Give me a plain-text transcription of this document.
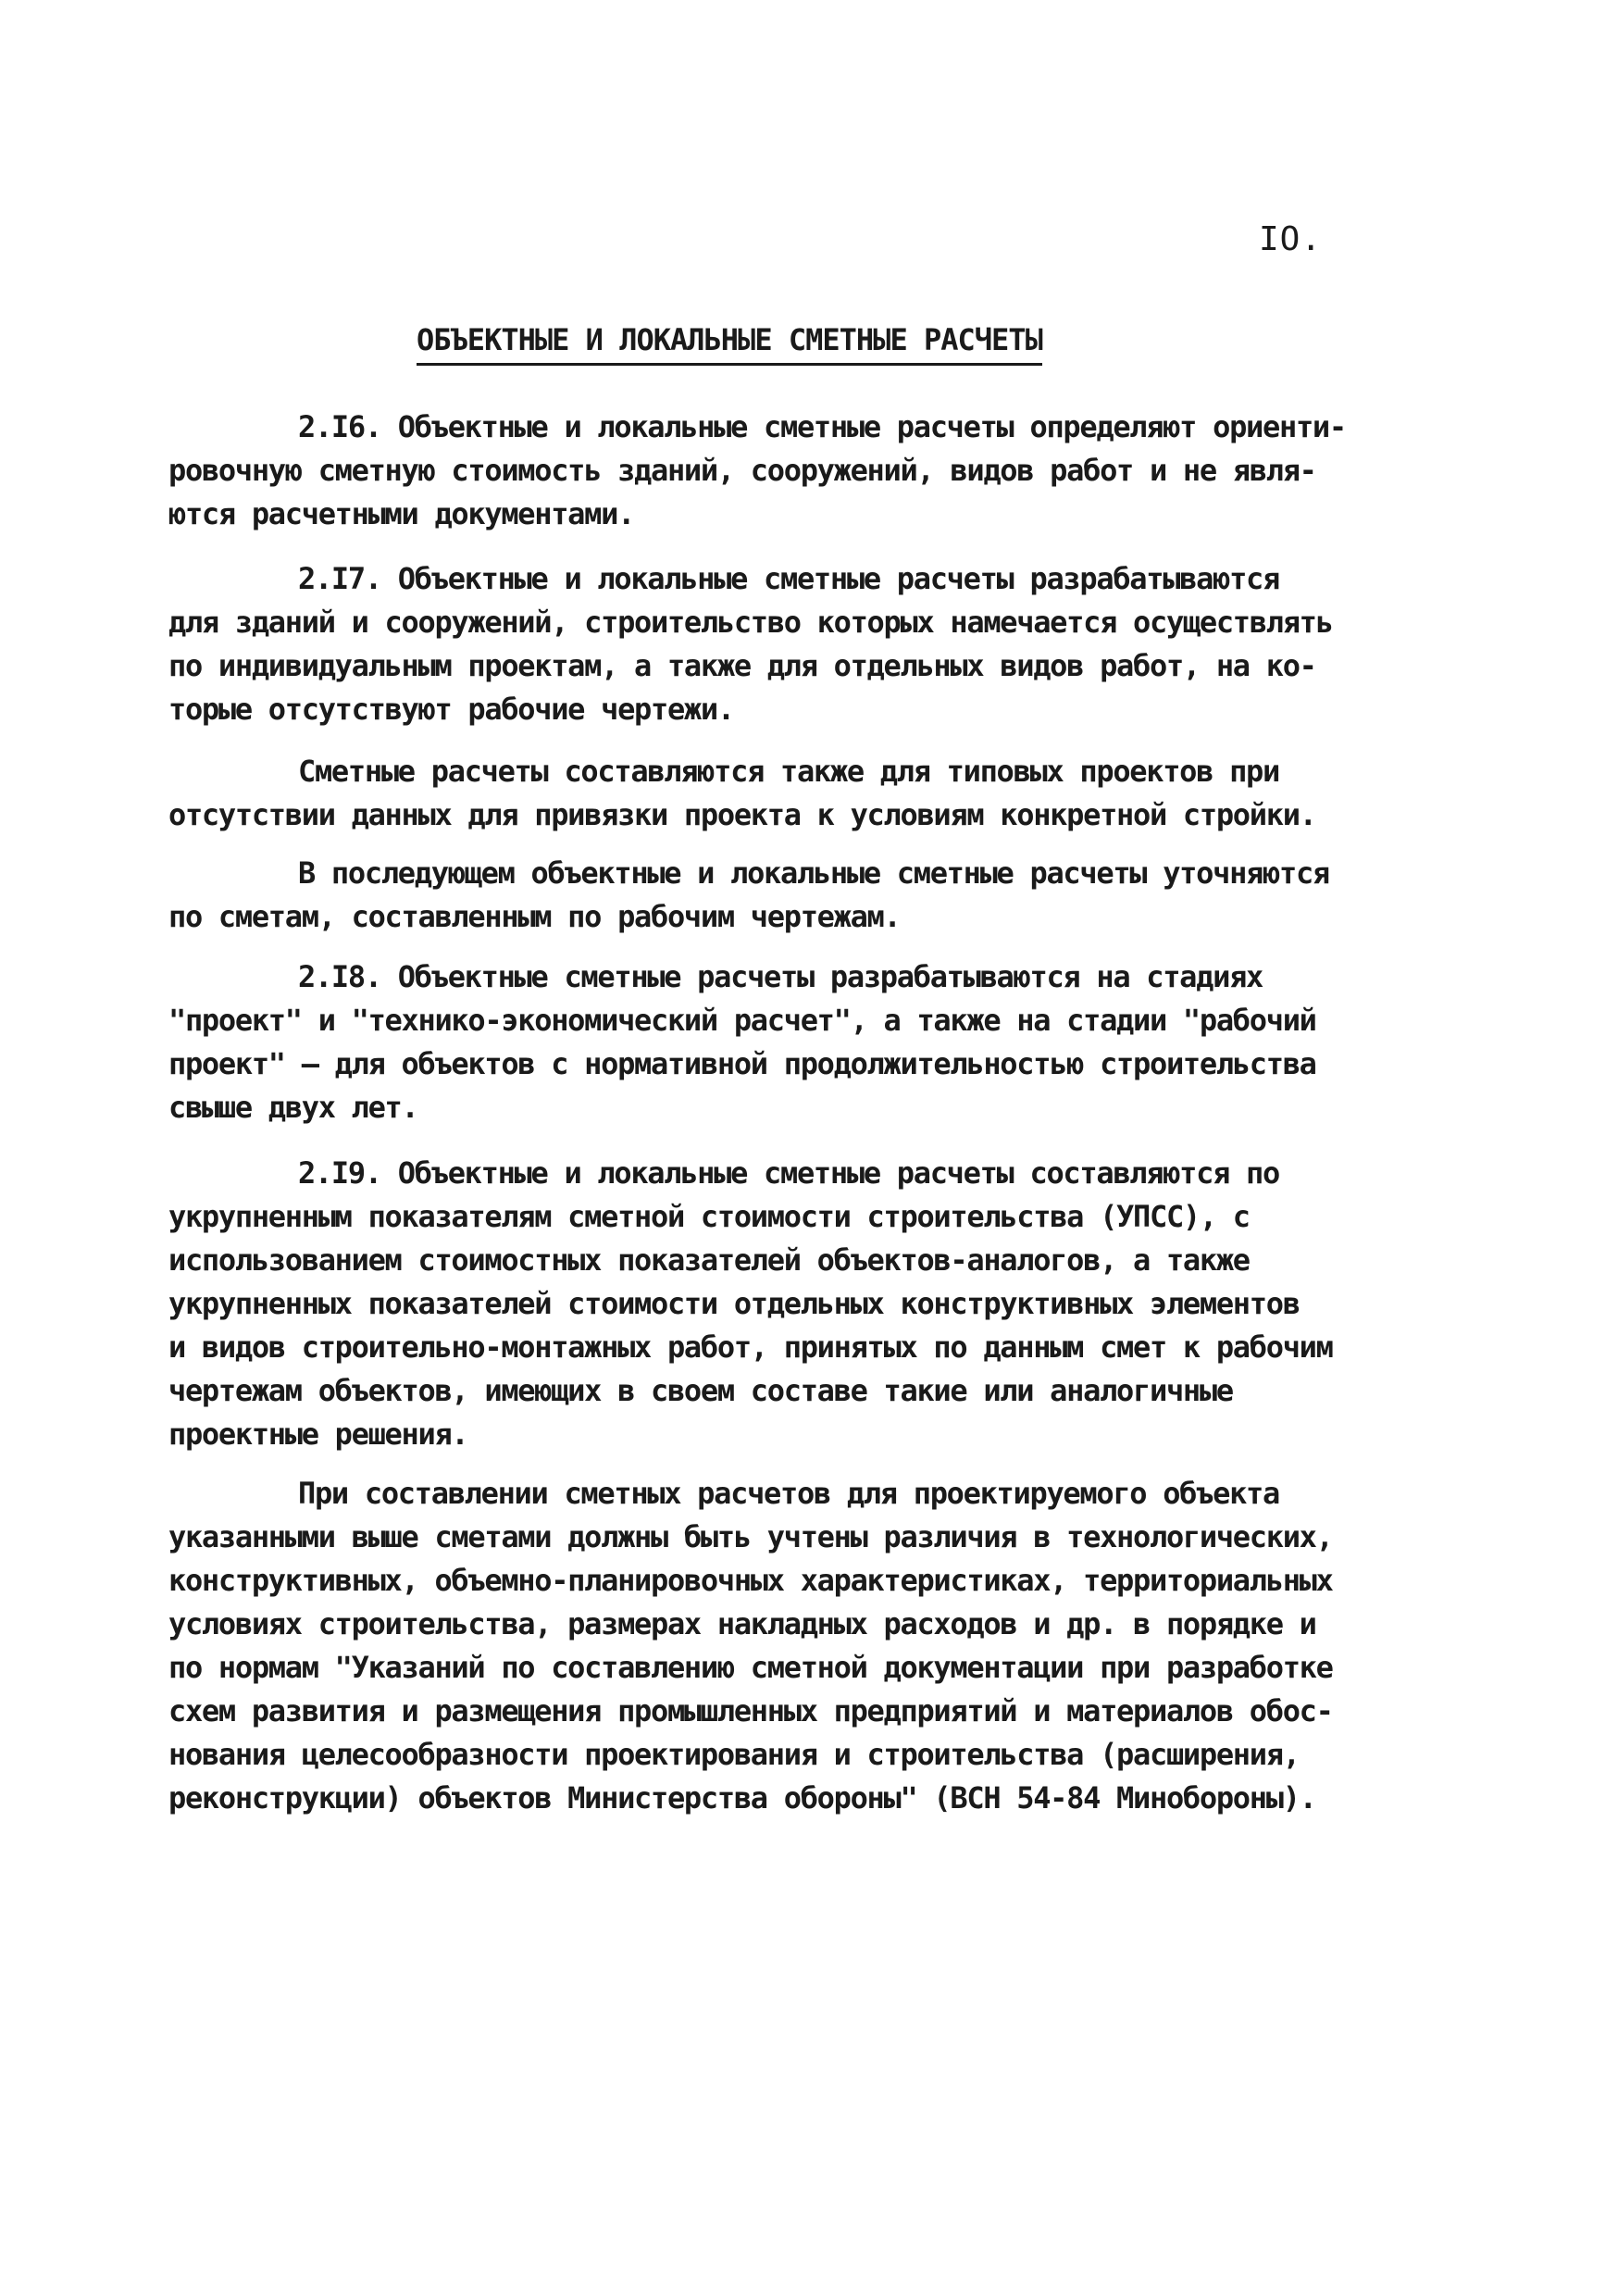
IO.
ОБЪЕКТНЫЕ И ЛОКАЛЬНЫЕ СМЕТНЫЕ РАСЧЕТЫ
2.I6. Объектные и локальные сметные расчеты определяют ориенти-
ровочную сметную стоимость зданий, сооружений, видов работ и не явля-
ются расчетными документами.
2.I7. Объектные и локальные сметные расчеты разрабатываются
для зданий и сооружений, строительство которых намечается осуществлять
по индивидуальным проектам, а также для отдельных видов работ, на ко-
торые отсутствуют рабочие чертежи.
Сметные расчеты составляются также для типовых проектов при
отсутствии данных для привязки проекта к условиям конкретной стройки.
В последующем объектные и локальные сметные расчеты уточняются
по сметам, составленным по рабочим чертежам.
2.I8. Объектные сметные расчеты разрабатываются на стадиях
"проект" и "технико-экономический расчет", а также на стадии "рабочий
проект" – для объектов с нормативной продолжительностью строительства
свыше двух лет.
2.I9. Объектные и локальные сметные расчеты составляются по
укрупненным показателям сметной стоимости строительства (УПСС), с
использованием стоимостных показателей объектов-аналогов, а также
укрупненных показателей стоимости отдельных конструктивных элементов
и видов строительно-монтажных работ, принятых по данным смет к рабочим
чертежам объектов, имеющих в своем составе такие или аналогичные
проектные решения.
При составлении сметных расчетов для проектируемого объекта
указанными выше сметами должны быть учтены различия в технологических,
конструктивных, объемно-планировочных характеристиках, территориальных
условиях строительства, размерах накладных расходов и др. в порядке и
по нормам "Указаний по составлению сметной документации при разработке
схем развития и размещения промышленных предприятий и материалов обос-
нования целесообразности проектирования и строительства (расширения,
реконструкции) объектов Министерства обороны" (ВСН 54-84 Минобороны).
